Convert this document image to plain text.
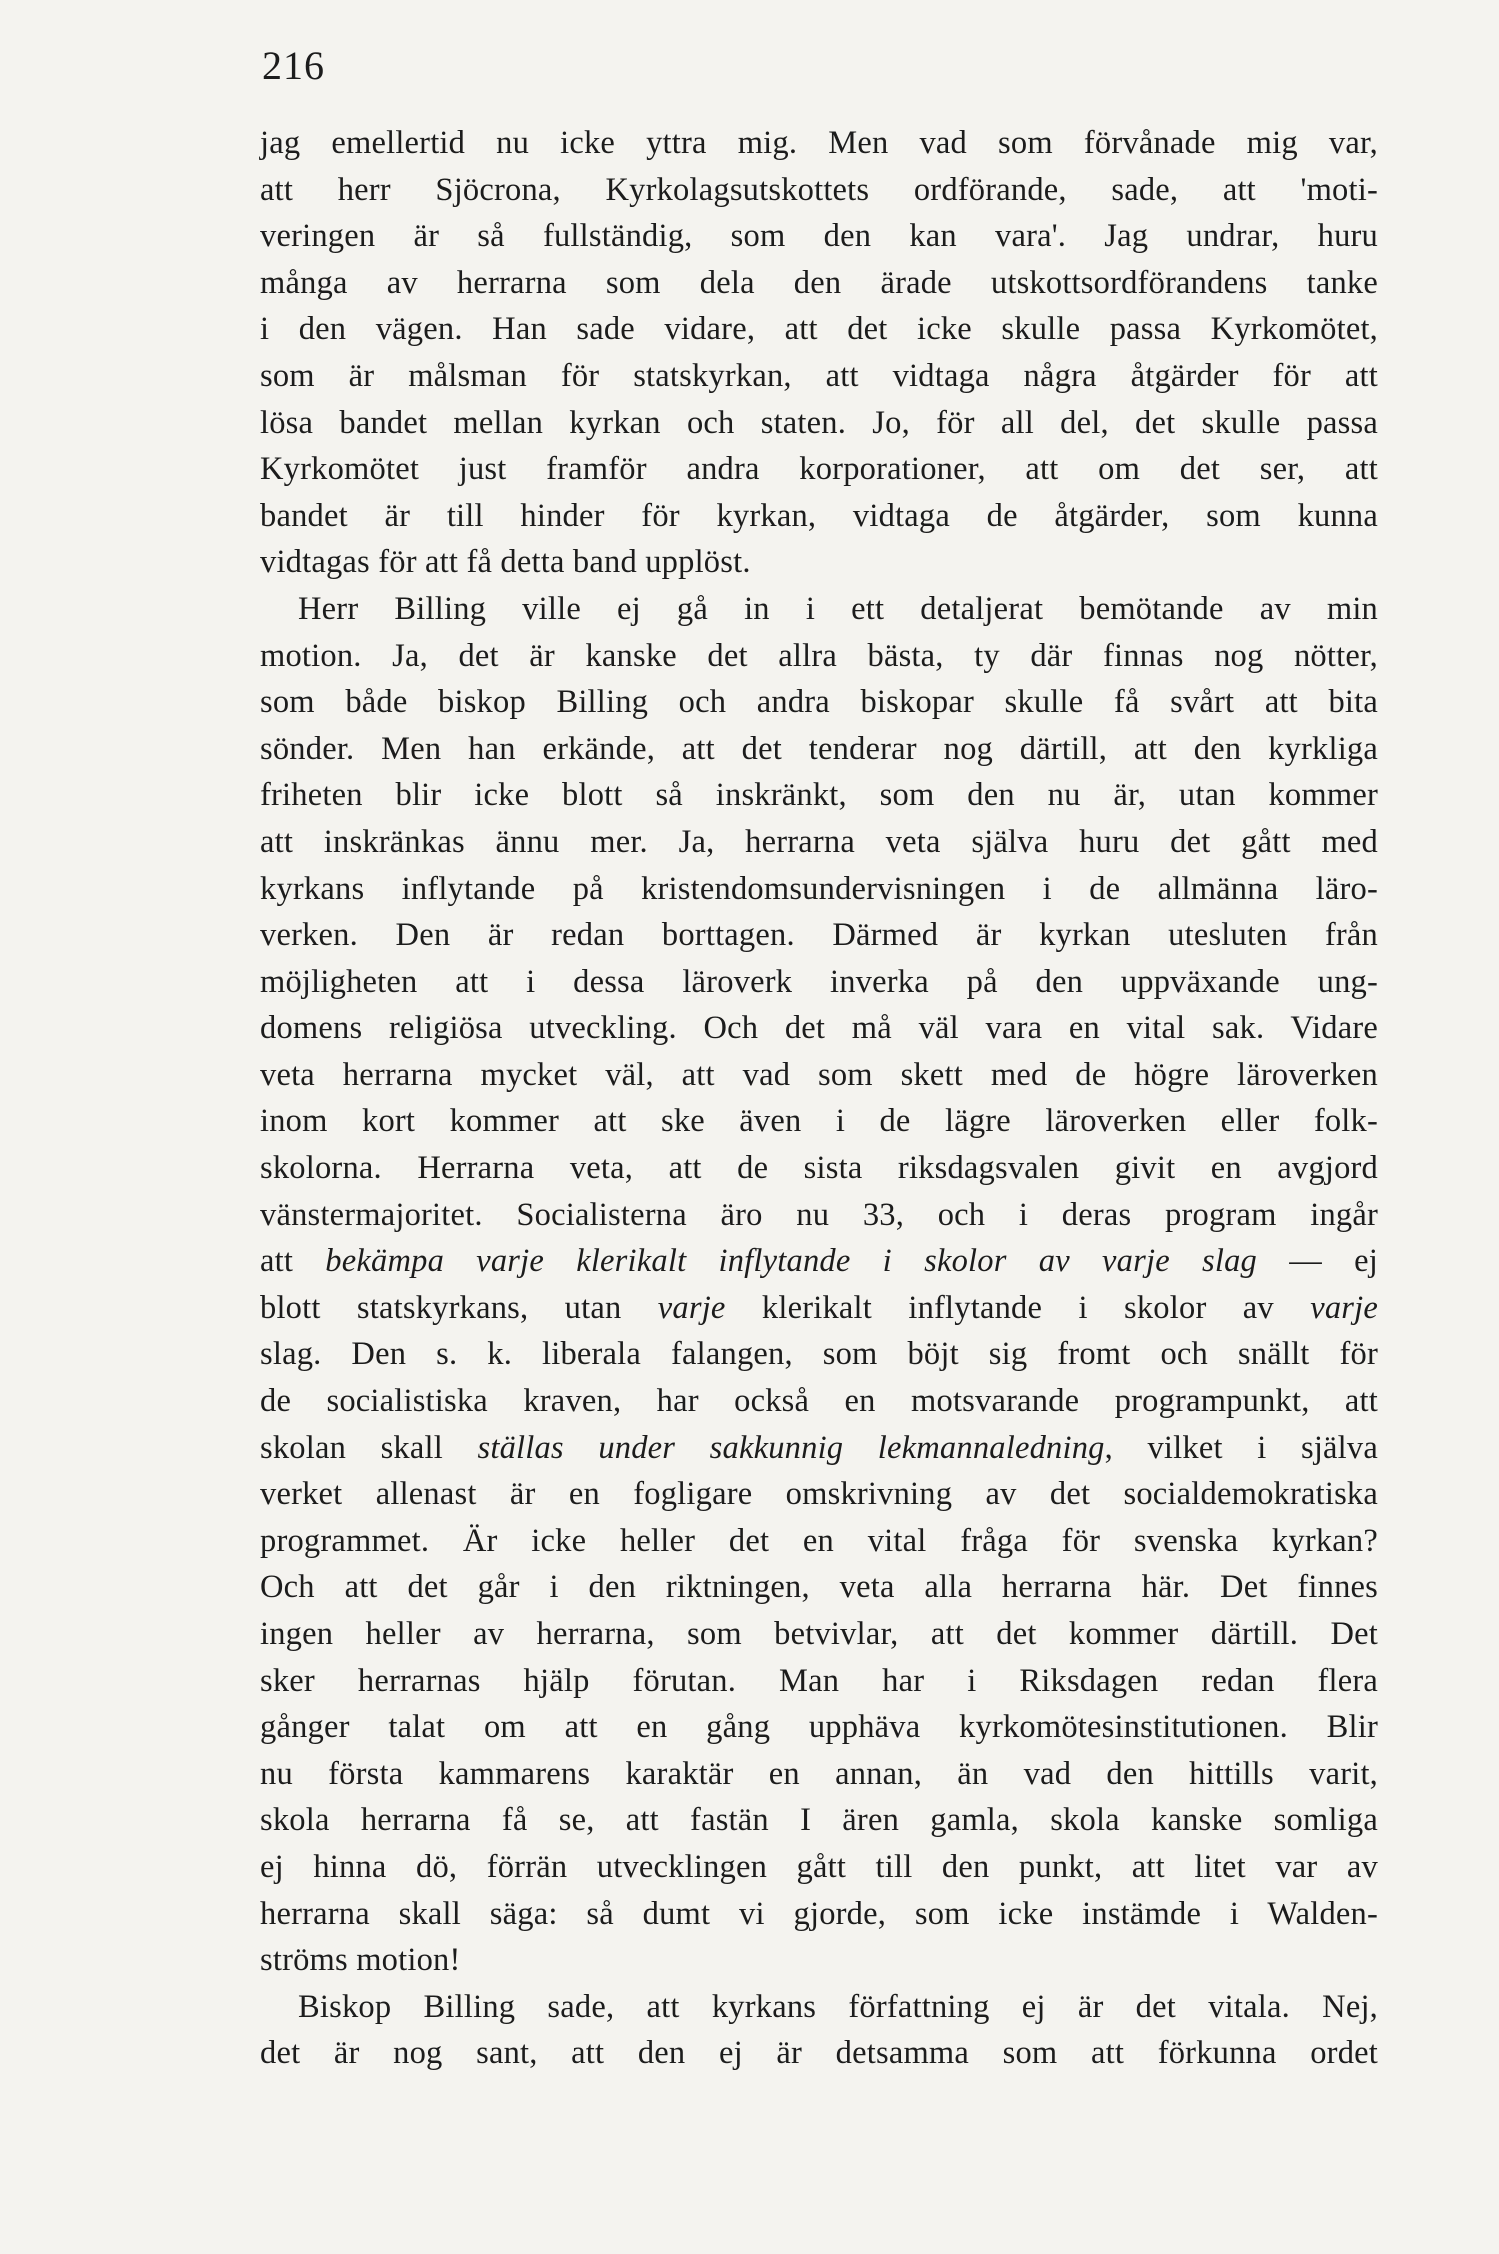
216
jag emellertid nu icke yttra mig. Men vad som förvånade mig var,
att herr Sjöcrona, Kyrkolagsutskottets ordförande, sade, att 'moti-
veringen är så fullständig, som den kan vara'. Jag undrar, huru
många av herrarna som dela den ärade utskottsordförandens tanke
i den vägen. Han sade vidare, att det icke skulle passa Kyrkomötet,
som är målsman för statskyrkan, att vidtaga några åtgärder för att
lösa bandet mellan kyrkan och staten. Jo, för all del, det skulle passa
Kyrkomötet just framför andra korporationer, att om det ser, att
bandet är till hinder för kyrkan, vidtaga de åtgärder, som kunna
vidtagas för att få detta band upplöst.
Herr Billing ville ej gå in i ett detaljerat bemötande av min
motion. Ja, det är kanske det allra bästa, ty där finnas nog nötter,
som både biskop Billing och andra biskopar skulle få svårt att bita
sönder. Men han erkände, att det tenderar nog därtill, att den kyrkliga
friheten blir icke blott så inskränkt, som den nu är, utan kommer
att inskränkas ännu mer. Ja, herrarna veta själva huru det gått med
kyrkans inflytande på kristendomsundervisningen i de allmänna läro-
verken. Den är redan borttagen. Därmed är kyrkan utesluten från
möjligheten att i dessa läroverk inverka på den uppväxande ung-
domens religiösa utveckling. Och det må väl vara en vital sak. Vidare
veta herrarna mycket väl, att vad som skett med de högre läroverken
inom kort kommer att ske även i de lägre läroverken eller folk-
skolorna. Herrarna veta, att de sista riksdagsvalen givit en avgjord
vänstermajoritet. Socialisterna äro nu 33, och i deras program ingår
att bekämpa varje klerikalt inflytande i skolor av varje slag — ej
blott statskyrkans, utan varje klerikalt inflytande i skolor av varje
slag. Den s. k. liberala falangen, som böjt sig fromt och snällt för
de socialistiska kraven, har också en motsvarande programpunkt, att
skolan skall ställas under sakkunnig lekmannaledning, vilket i själva
verket allenast är en fogligare omskrivning av det socialdemokratiska
programmet. Är icke heller det en vital fråga för svenska kyrkan?
Och att det går i den riktningen, veta alla herrarna här. Det finnes
ingen heller av herrarna, som betvivlar, att det kommer därtill. Det
sker herrarnas hjälp förutan. Man har i Riksdagen redan flera
gånger talat om att en gång upphäva kyrkomötesinstitutionen. Blir
nu första kammarens karaktär en annan, än vad den hittills varit,
skola herrarna få se, att fastän I ären gamla, skola kanske somliga
ej hinna dö, förrän utvecklingen gått till den punkt, att litet var av
herrarna skall säga: så dumt vi gjorde, som icke instämde i Walden-
ströms motion!
Biskop Billing sade, att kyrkans författning ej är det vitala. Nej,
det är nog sant, att den ej är detsamma som att förkunna ordet
